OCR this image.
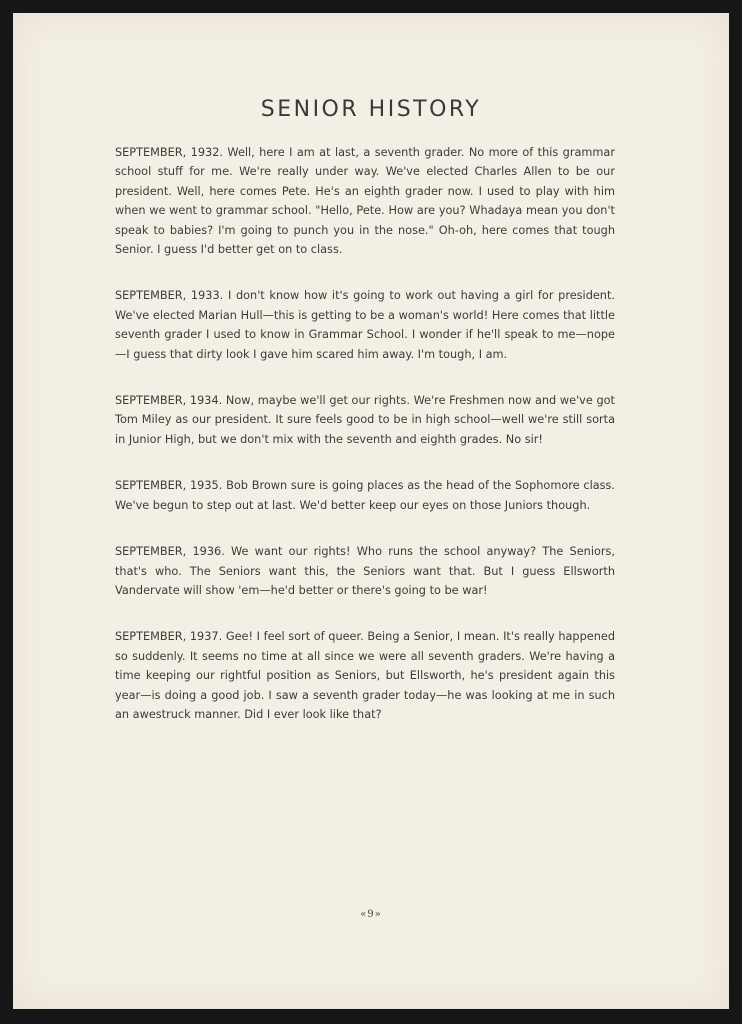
SENIOR HISTORY

SEPTEMBER, 1932. Well, here I am at last, a seventh grader. No more of this grammar school stuff for me. We're really under way. We've elected Charles Allen to be our president. Well, here comes Pete. He's an eighth grader now. I used to play with him when we went to grammar school. "Hello, Pete. How are you? Whadaya mean you don't speak to babies? I'm going to punch you in the nose." Oh-oh, here comes that tough Senior. I guess I'd better get on to class.

SEPTEMBER, 1933. I don't know how it's going to work out having a girl for president. We've elected Marian Hull—this is getting to be a woman's world! Here comes that little seventh grader I used to know in Grammar School. I wonder if he'll speak to me—nope—I guess that dirty look I gave him scared him away. I'm tough, I am.

SEPTEMBER, 1934. Now, maybe we'll get our rights. We're Freshmen now and we've got Tom Miley as our president. It sure feels good to be in high school—well we're still sorta in Junior High, but we don't mix with the seventh and eighth grades. No sir!

SEPTEMBER, 1935. Bob Brown sure is going places as the head of the Sophomore class. We've begun to step out at last. We'd better keep our eyes on those Juniors though.

SEPTEMBER, 1936. We want our rights! Who runs the school anyway? The Seniors, that's who. The Seniors want this, the Seniors want that. But I guess Ellsworth Vandervate will show 'em—he'd better or there's going to be war!

SEPTEMBER, 1937. Gee! I feel sort of queer. Being a Senior, I mean. It's really happened so suddenly. It seems no time at all since we were all seventh graders. We're having a time keeping our rightful position as Seniors, but Ellsworth, he's president again this year—is doing a good job. I saw a seventh grader today—he was looking at me in such an awestruck manner. Did I ever look like that?

«9»
